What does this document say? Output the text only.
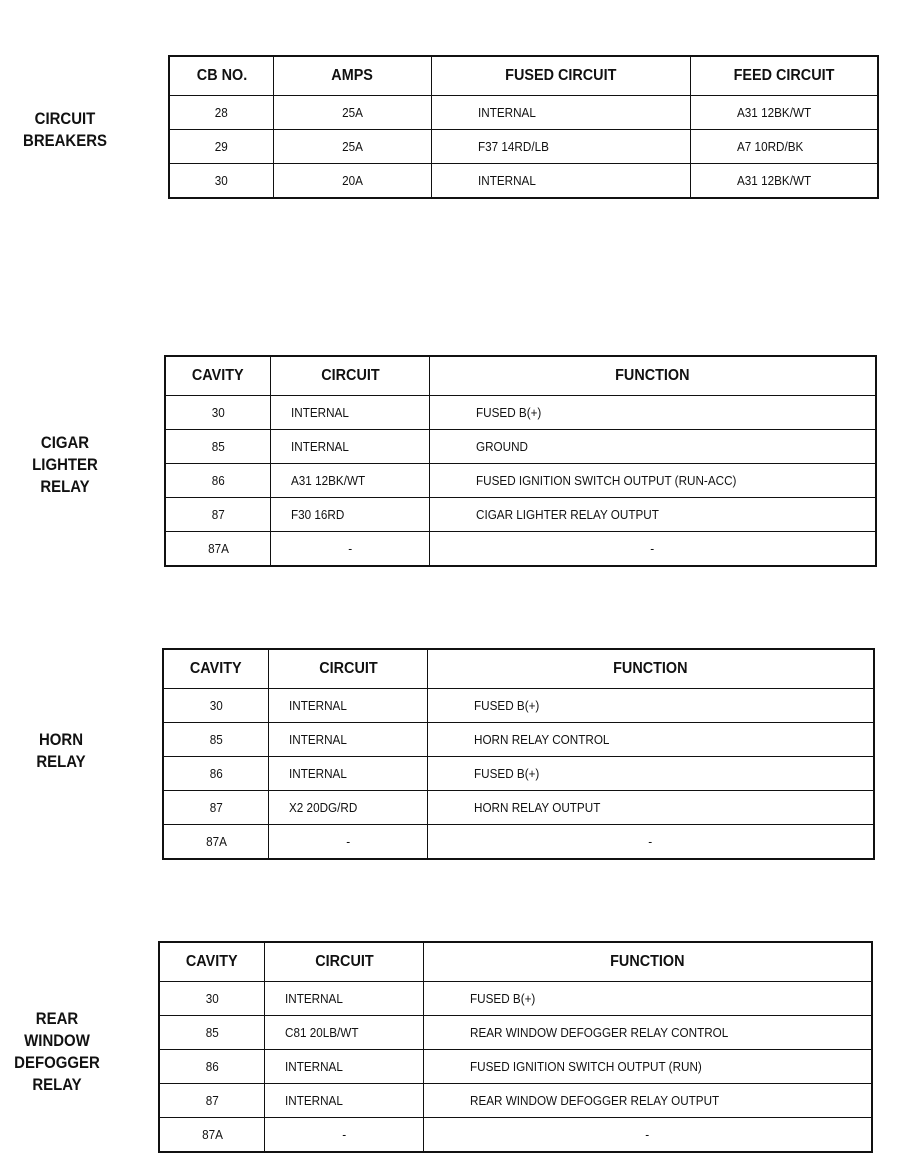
CIRCUIT
BREAKERS
CB NO.	AMPS	FUSED CIRCUIT	FEED CIRCUIT
28	25A	INTERNAL	A31 12BK/WT
29	25A	F37 14RD/LB	A7 10RD/BK
30	20A	INTERNAL	A31 12BK/WT
CIGAR
LIGHTER
RELAY
CAVITY	CIRCUIT	FUNCTION
30	INTERNAL	FUSED B(+)
85	INTERNAL	GROUND
86	A31 12BK/WT	FUSED IGNITION SWITCH OUTPUT (RUN-ACC)
87	F30 16RD	CIGAR LIGHTER RELAY OUTPUT
87A	-	-
HORN
RELAY
CAVITY	CIRCUIT	FUNCTION
30	INTERNAL	FUSED B(+)
85	INTERNAL	HORN RELAY CONTROL
86	INTERNAL	FUSED B(+)
87	X2 20DG/RD	HORN RELAY OUTPUT
87A	-	-
REAR
WINDOW
DEFOGGER
RELAY
CAVITY	CIRCUIT	FUNCTION
30	INTERNAL	FUSED B(+)
85	C81 20LB/WT	REAR WINDOW DEFOGGER RELAY CONTROL
86	INTERNAL	FUSED IGNITION SWITCH OUTPUT (RUN)
87	INTERNAL	REAR WINDOW DEFOGGER RELAY OUTPUT
87A	-	-
